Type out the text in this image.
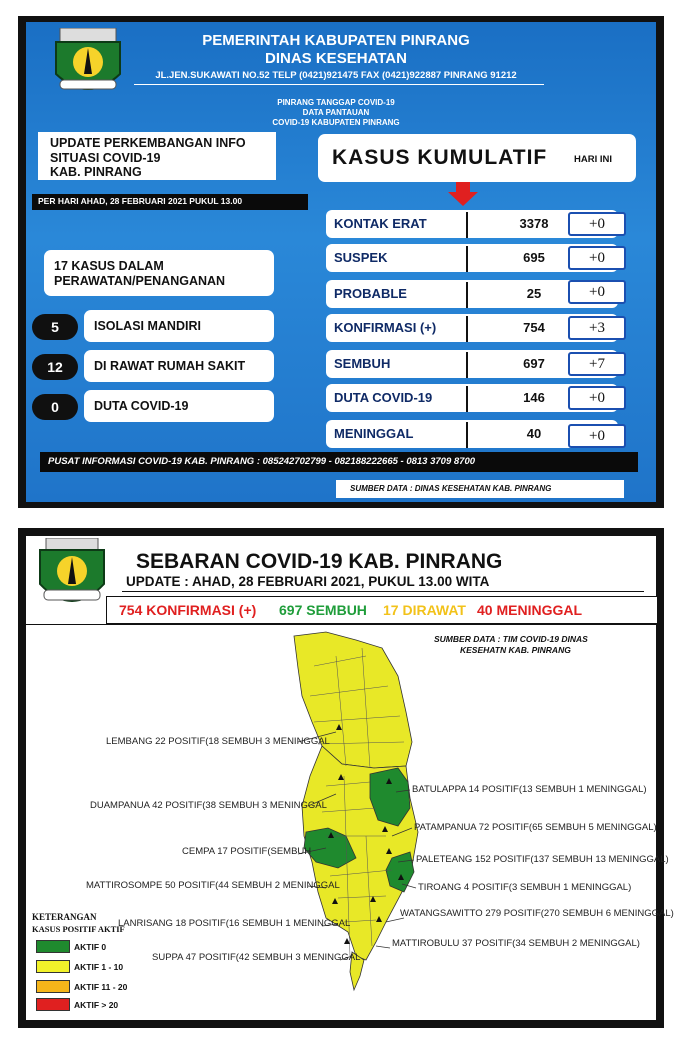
PEMERINTAH KABUPATEN PINRANG
DINAS KESEHATAN
JL.JEN.SUKAWATI NO.52 TELP (0421)921475 FAX (0421)922887 PINRANG 91212
PINRANG TANGGAP COVID-19
DATA PANTAUAN
COVID-19 KABUPATEN PINRANG
UPDATE PERKEMBANGAN INFO
SITUASI COVID-19
KAB. PINRANG
PER HARI AHAD, 28 FEBRUARI 2021 PUKUL 13.00
KASUS KUMULATIF	HARI INI
17 KASUS DALAM
PERAWATAN/PENANGANAN
5	ISOLASI MANDIRI
12	DI RAWAT RUMAH SAKIT
0	DUTA COVID-19
KONTAK ERAT	3378	+0
SUSPEK	695	+0
PROBABLE	25	+0
KONFIRMASI (+)	754	+3
SEMBUH	697	+7
DUTA COVID-19	146	+0
MENINGGAL	40	+0
PUSAT INFORMASI COVID-19 KAB. PINRANG : 085242702799 - 082188222665 - 0813 3709 8700
SUMBER DATA : DINAS KESEHATAN KAB. PINRANG
SEBARAN COVID-19 KAB. PINRANG
UPDATE : AHAD, 28 FEBRUARI 2021, PUKUL 13.00 WITA
754 KONFIRMASI (+) 697 SEMBUH 17 DIRAWAT 40 MENINGGAL
SUMBER DATA : TIM COVID-19 DINAS
KESEHATN KAB. PINRANG
LEMBANG 22 POSITIF(18 SEMBUH 3 MENINGGAL
DUAMPANUA 42 POSITIF(38 SEMBUH 3 MENINGGAL
CEMPA 17 POSITIF(SEMBUH
MATTIROSOMPE 50 POSITIF(44 SEMBUH 2 MENINGGAL
LANRISANG 18 POSITIF(16 SEMBUH 1 MENINGGAL
SUPPA 47 POSITIF(42 SEMBUH 3 MENINGGAL
BATULAPPA 14 POSITIF(13 SEMBUH 1 MENINGGAL)
PATAMPANUA 72 POSITIF(65 SEMBUH 5 MENINGGAL)
PALETEANG 152 POSITIF(137 SEMBUH 13 MENINGGAL)
TIROANG 4 POSITIF(3 SEMBUH 1 MENINGGAL)
WATANGSAWITTO 279 POSITIF(270 SEMBUH 6 MENINGGAL)
MATTIROBULU 37 POSITIF(34 SEMBUH 2 MENINGGAL)
KETERANGAN
KASUS POSITIF AKTIF
AKTIF 0
AKTIF 1 - 10
AKTIF 11 - 20
AKTIF > 20
